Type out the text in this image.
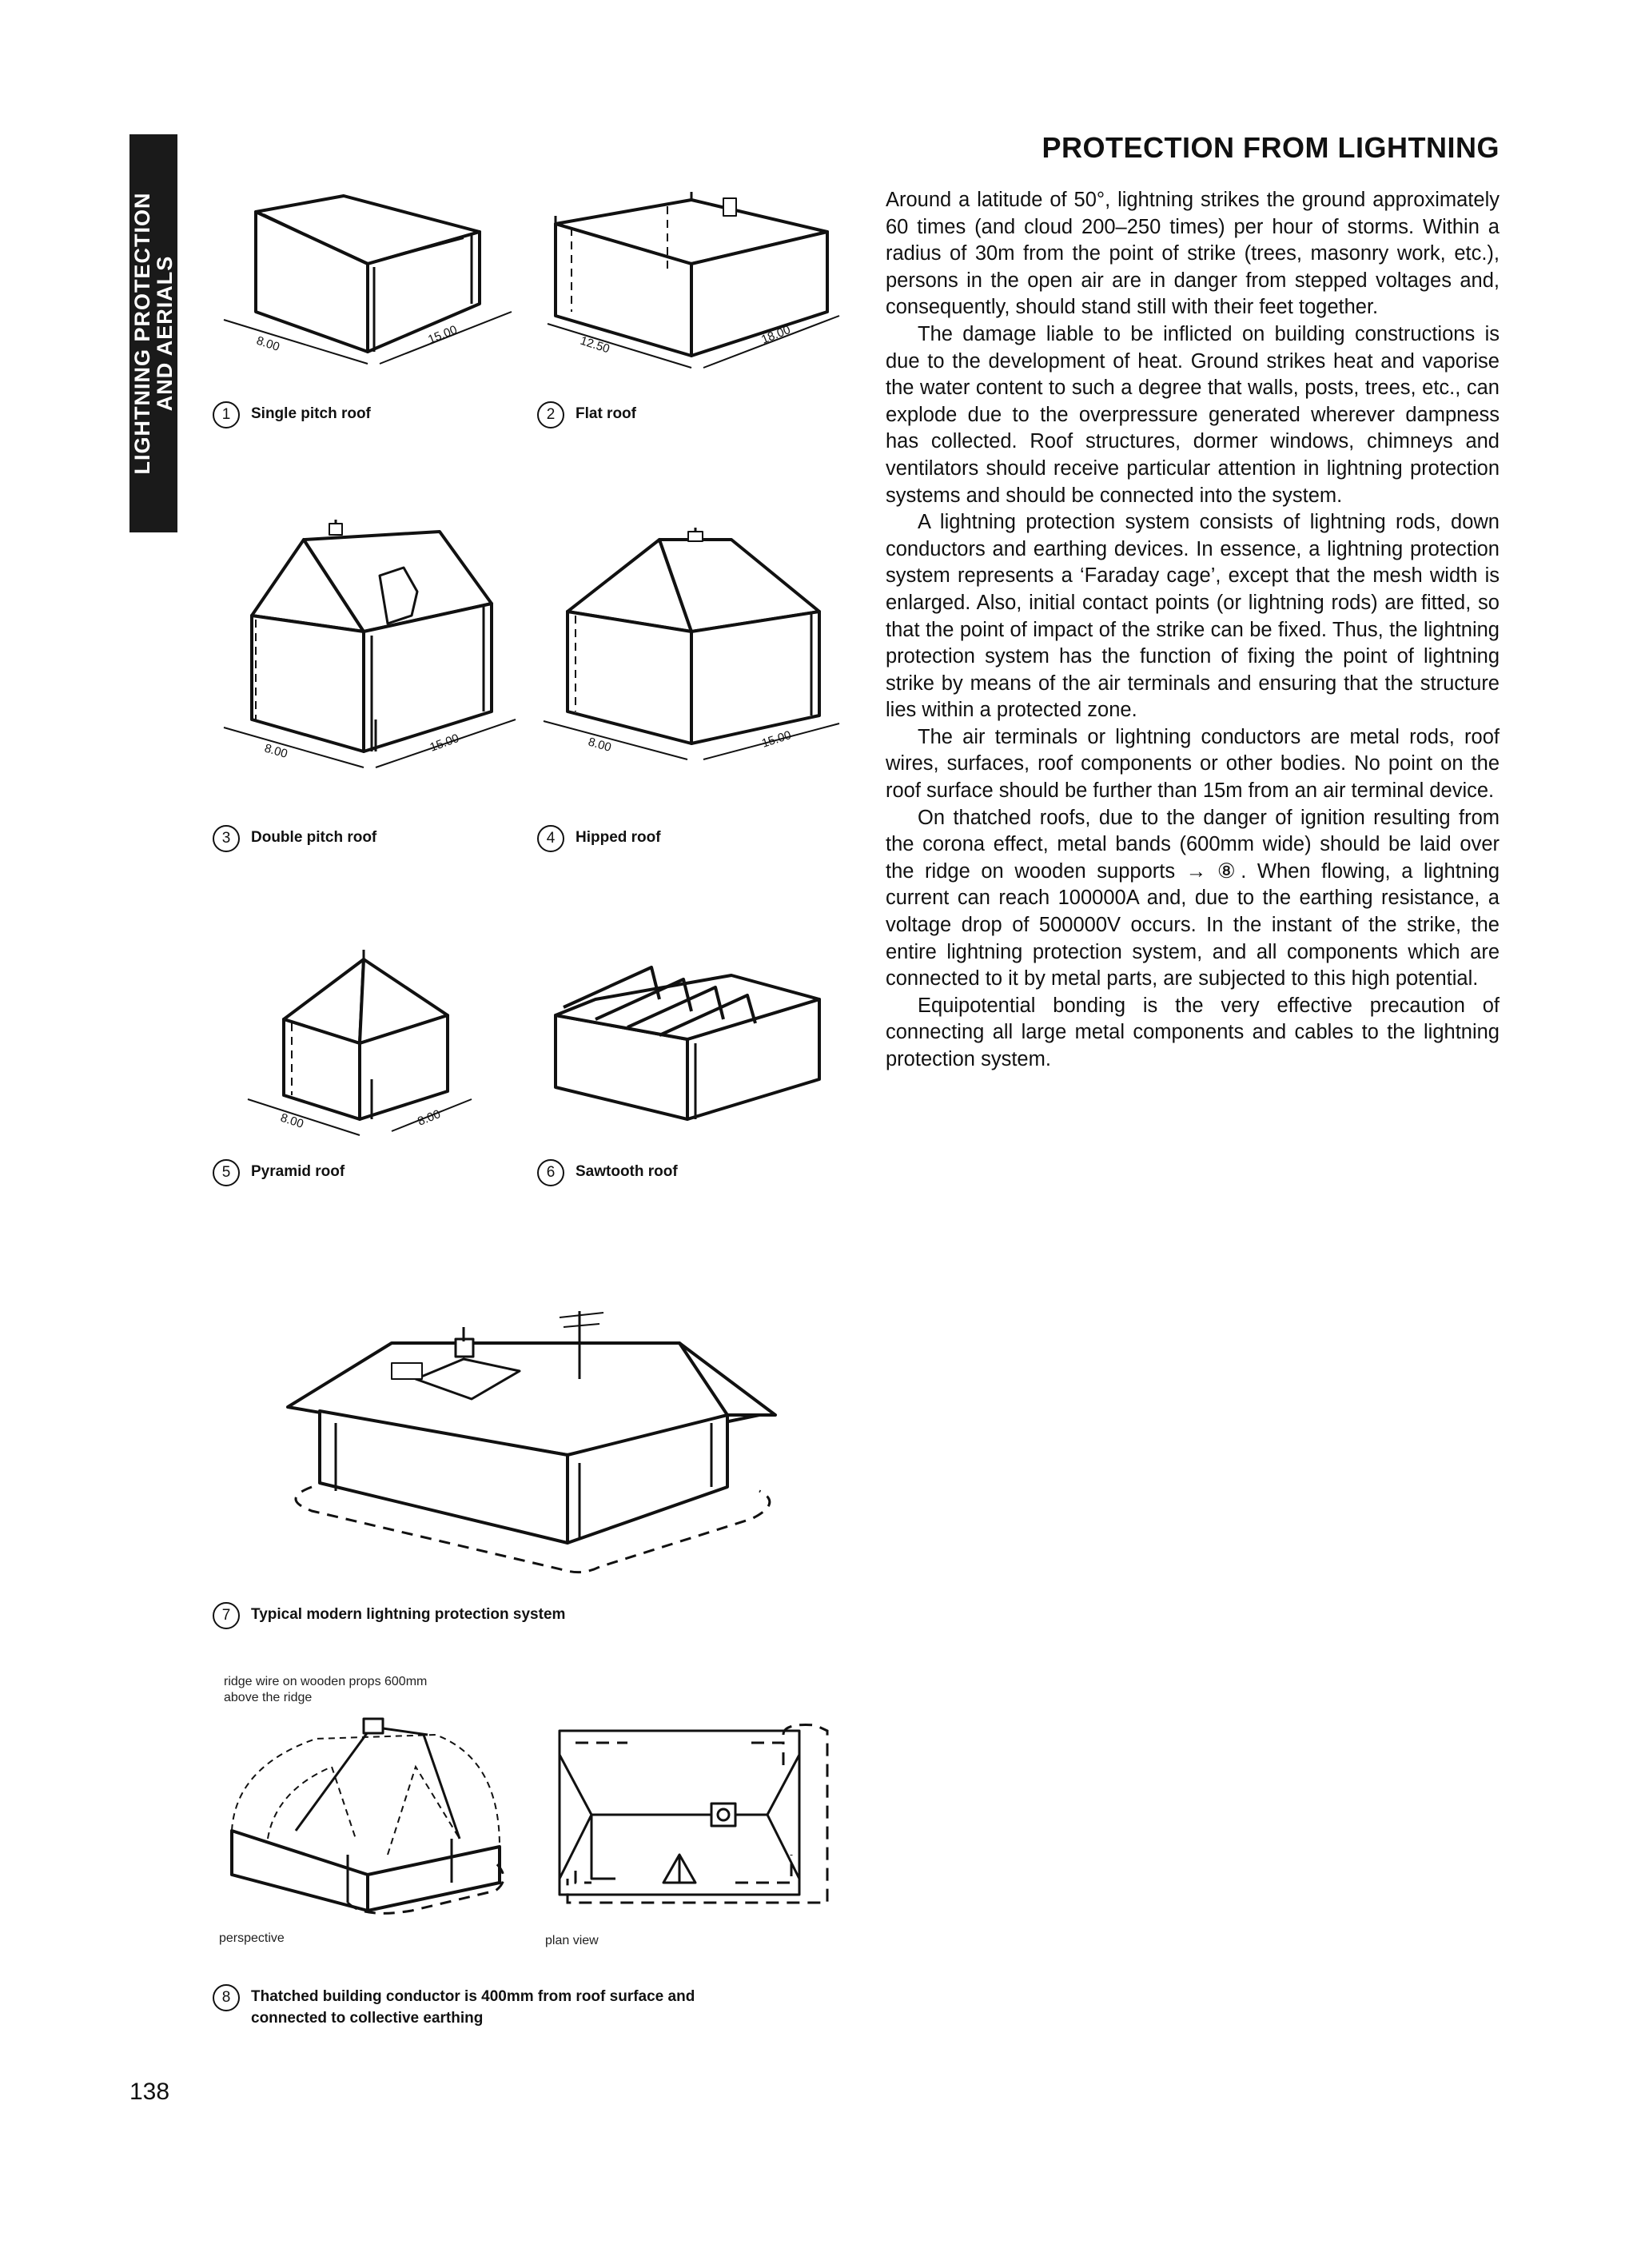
LIGHTNING PROTECTION
AND AERIALS	8.00	15.00
1	Single pitch roof
12.50	18.00
2	Flat roof
8.00	15.00
3	Double pitch roof
8.00	15.00
4	Hipped roof
8.00	8.00
5	Pyramid roof	6	Sawtooth roof
7	Typical modern lightning protection system
ridge wire on wooden props 600mm
above the ridge
perspective	plan view
8	Thatched building conductor is 400mm from roof surface and
connected to collective earthing
PROTECTION FROM LIGHTNING

Around a latitude of 50°, lightning strikes the ground approximately 60 times (and cloud 200–250 times) per hour of storms. Within a radius of 30m from the point of strike (trees, masonry work, etc.), persons in the open air are in danger from stepped voltages and, consequently, should stand still with their feet together.

The damage liable to be inflicted on building constructions is due to the development of heat. Ground strikes heat and vaporise the water content to such a degree that walls, posts, trees, etc., can explode due to the overpressure generated wherever dampness has collected. Roof structures, dormer windows, chimneys and ventilators should receive particular attention in lightning protection systems and should be connected into the system.

A lightning protection system consists of lightning rods, down conductors and earthing devices. In essence, a lightning protection system represents a ‘Faraday cage’, except that the mesh width is enlarged. Also, initial contact points (or lightning rods) are fitted, so that the point of impact of the strike can be fixed. Thus, the lightning protection system has the function of fixing the point of lightning strike by means of the air terminals and ensuring that the structure lies within a protected zone.

The air terminals or lightning conductors are metal rods, roof wires, surfaces, roof components or other bodies. No point on the roof surface should be further than 15m from an air terminal device.

On thatched roofs, due to the danger of ignition resulting from the corona effect, metal bands (600mm wide) should be laid over the ridge on wooden supports → ⑧. When flowing, a lightning current can reach 100000A and, due to the earthing resistance, a voltage drop of 500000V occurs. In the instant of the strike, the entire lightning protection system, and all components which are connected to it by metal parts, are subjected to this high potential.

Equipotential bonding is the very effective precaution of connecting all large metal components and cables to the lightning protection system.

138
